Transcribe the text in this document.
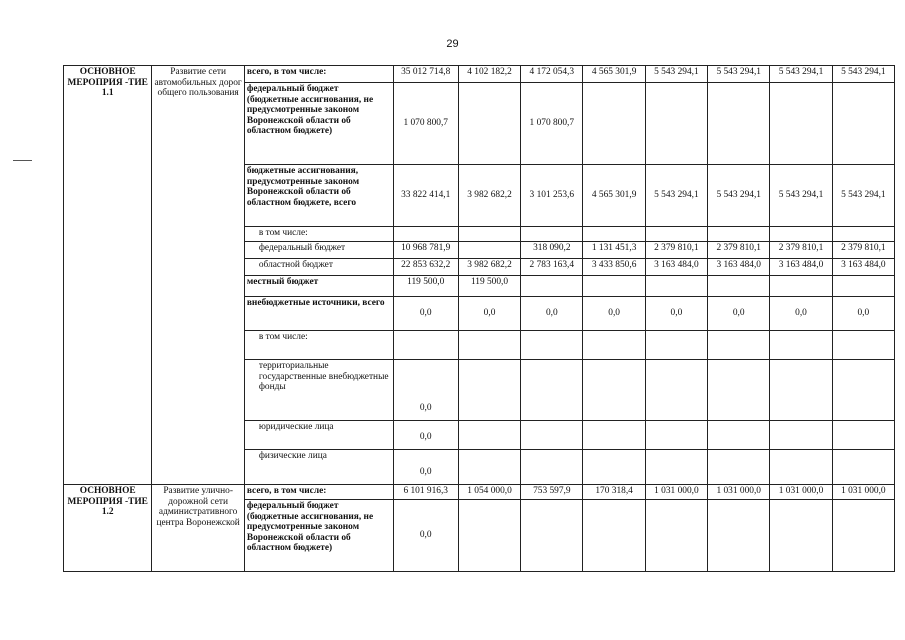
29
ОСНОВНОЕ МЕРОПРИЯ -ТИЕ 1.1	Развитие сети автомобильных дорог общего пользования	всего, в том числе:	35 012 714,8	4 102 182,2	4 172 054,3	4 565 301,9	5 543 294,1	5 543 294,1	5 543 294,1	5 543 294,1
		федеральный бюджет (бюджетные ассигнования, не предусмотренные законом Воронежской области об областном бюджете)	1 070 800,7		1 070 800,7					
		бюджетные ассигнования, предусмотренные законом Воронежской области об областном бюджете, всего	33 822 414,1	3 982 682,2	3 101 253,6	4 565 301,9	5 543 294,1	5 543 294,1	5 543 294,1	5 543 294,1
		в том числе:								
		федеральный бюджет	10 968 781,9		318 090,2	1 131 451,3	2 379 810,1	2 379 810,1	2 379 810,1	2 379 810,1
		областной бюджет	22 853 632,2	3 982 682,2	2 783 163,4	3 433 850,6	3 163 484,0	3 163 484,0	3 163 484,0	3 163 484,0
		местный бюджет	119 500,0	119 500,0						
		внебюджетные источники, всего	0,0	0,0	0,0	0,0	0,0	0,0	0,0	0,0
		в том числе:								
		территориальные государственные внебюджетные фонды	0,0							
		юридические лица	0,0							
		физические лица	0,0							
ОСНОВНОЕ МЕРОПРИЯ -ТИЕ 1.2	Развитие улично-дорожной сети административного центра Воронежской	всего, в том числе:	6 101 916,3	1 054 000,0	753 597,9	170 318,4	1 031 000,0	1 031 000,0	1 031 000,0	1 031 000,0
		федеральный бюджет (бюджетные ассигнования, не предусмотренные законом Воронежской области об областном бюджете)	0,0							
